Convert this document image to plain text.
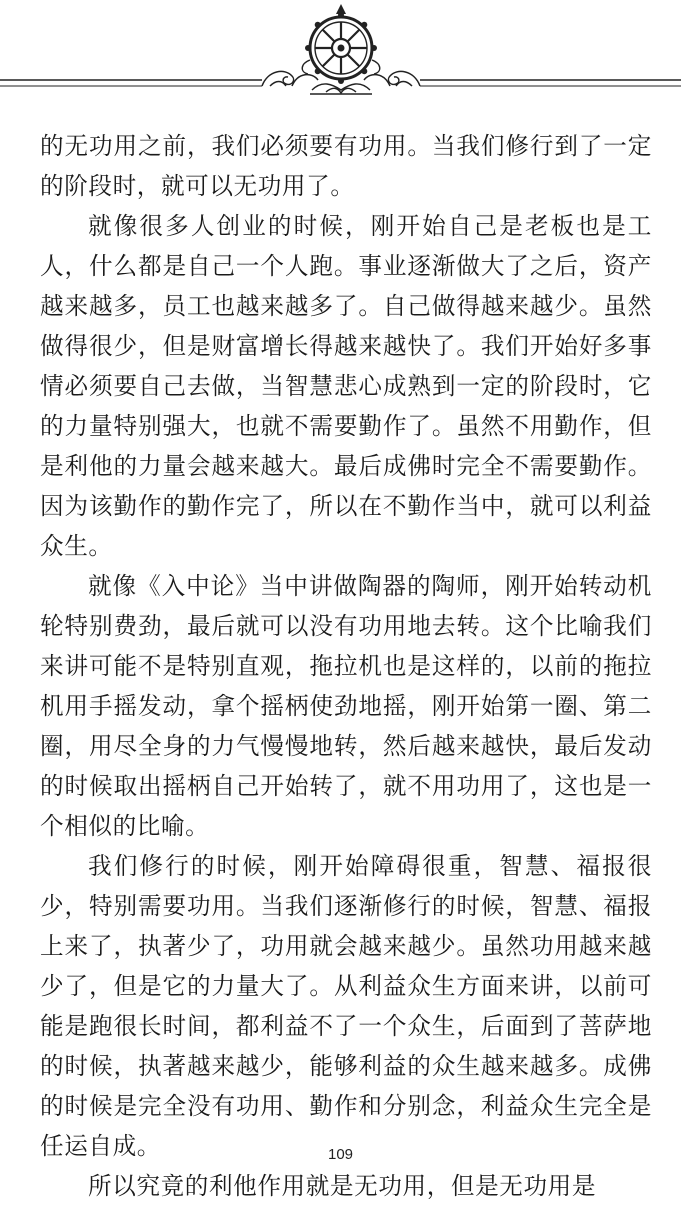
的无功用之前，我们必须要有功用。当我们修行到了一定的阶段时，就可以无功用了。

就像很多人创业的时候，刚开始自己是老板也是工人，什么都是自己一个人跑。事业逐渐做大了之后，资产越来越多，员工也越来越多了。自己做得越来越少。虽然做得很少，但是财富增长得越来越快了。我们开始好多事情必须要自己去做，当智慧悲心成熟到一定的阶段时，它的力量特别强大，也就不需要勤作了。虽然不用勤作，但是利他的力量会越来越大。最后成佛时完全不需要勤作。因为该勤作的勤作完了，所以在不勤作当中，就可以利益众生。

就像《入中论》当中讲做陶器的陶师，刚开始转动机轮特别费劲，最后就可以没有功用地去转。这个比喻我们来讲可能不是特别直观，拖拉机也是这样的，以前的拖拉机用手摇发动，拿个摇柄使劲地摇，刚开始第一圈、第二圈，用尽全身的力气慢慢地转，然后越来越快，最后发动的时候取出摇柄自己开始转了，就不用功用了，这也是一个相似的比喻。

我们修行的时候，刚开始障碍很重，智慧、福报很少，特别需要功用。当我们逐渐修行的时候，智慧、福报上来了，执著少了，功用就会越来越少。虽然功用越来越少了，但是它的力量大了。从利益众生方面来讲，以前可能是跑很长时间，都利益不了一个众生，后面到了菩萨地的时候，执著越来越少，能够利益的众生越来越多。成佛的时候是完全没有功用、勤作和分别念，利益众生完全是任运自成。

所以究竟的利他作用就是无功用，但是无功用是

109
